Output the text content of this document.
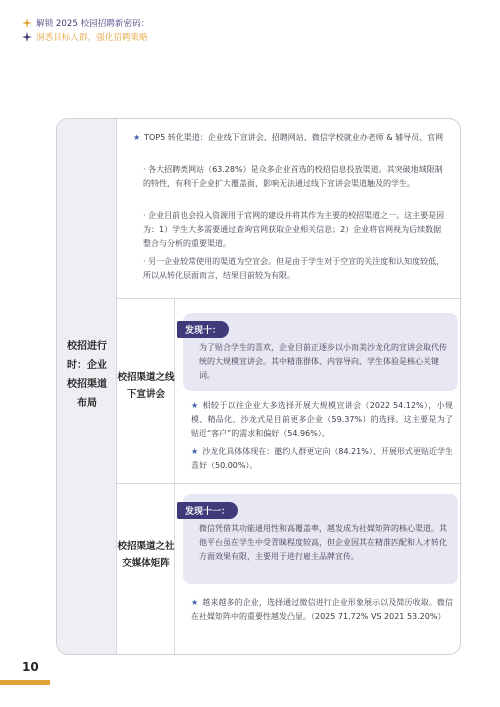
解锁 2025 校园招聘新密码：
洞悉目标人群，强化招聘策略
校招进行时：企业校招渠道布局
★ TOP5 转化渠道：企业线下宣讲会、招聘网站、微信学校就业办老师 & 辅导员、官网
· 各大招聘类网站（63.28%）是众多企业首选的校招信息投放渠道。其突破地域限制的特性，有利于企业扩大覆盖面，影响无法通过线下宣讲会渠道触及的学生。
· 企业目前也会投入资源用于官网的建设并将其作为主要的校招渠道之一。这主要是因为：1）学生大多需要通过查询官网获取企业相关信息；2）企业将官网视为后续数据整合与分析的重要渠道。
· 另一企业较常使用的渠道为空宣会。但是由于学生对于空宣的关注度和认知度较低，所以从转化层面而言，结果目前较为有限。
校招渠道之线下宣讲会
发现十：
为了贴合学生的喜欢，企业目前正逐步以小而美沙龙化的宣讲会取代传统的大规模宣讲会。其中精准群体、内容导向、学生体验是核心关键词。
★ 相较于以往企业大多选择开展大规模宣讲会（2022 54.12%），小规模、精品化、沙龙式是目前更多企业（59.37%）的选择。这主要是为了贴近“客户”的需求和偏好（54.96%）。
★ 沙龙化具体体现在：邀约人群更定向（84.21%）、开展形式更贴近学生喜好（50.00%）。
校招渠道之社交媒体矩阵
发现十一：
微信凭借其功能通用性和高覆盖率，越发成为社媒矩阵的核心渠道。其他平台虽在学生中受青睐程度较高，但企业因其在精准匹配和人才转化方面效果有限，主要用于进行雇主品牌宣传。
★ 越来越多的企业，选择通过微信进行企业形象展示以及简历收取。微信在社媒矩阵中的重要性越发凸显。（2025 71.72% VS 2021 53.20%）
10
